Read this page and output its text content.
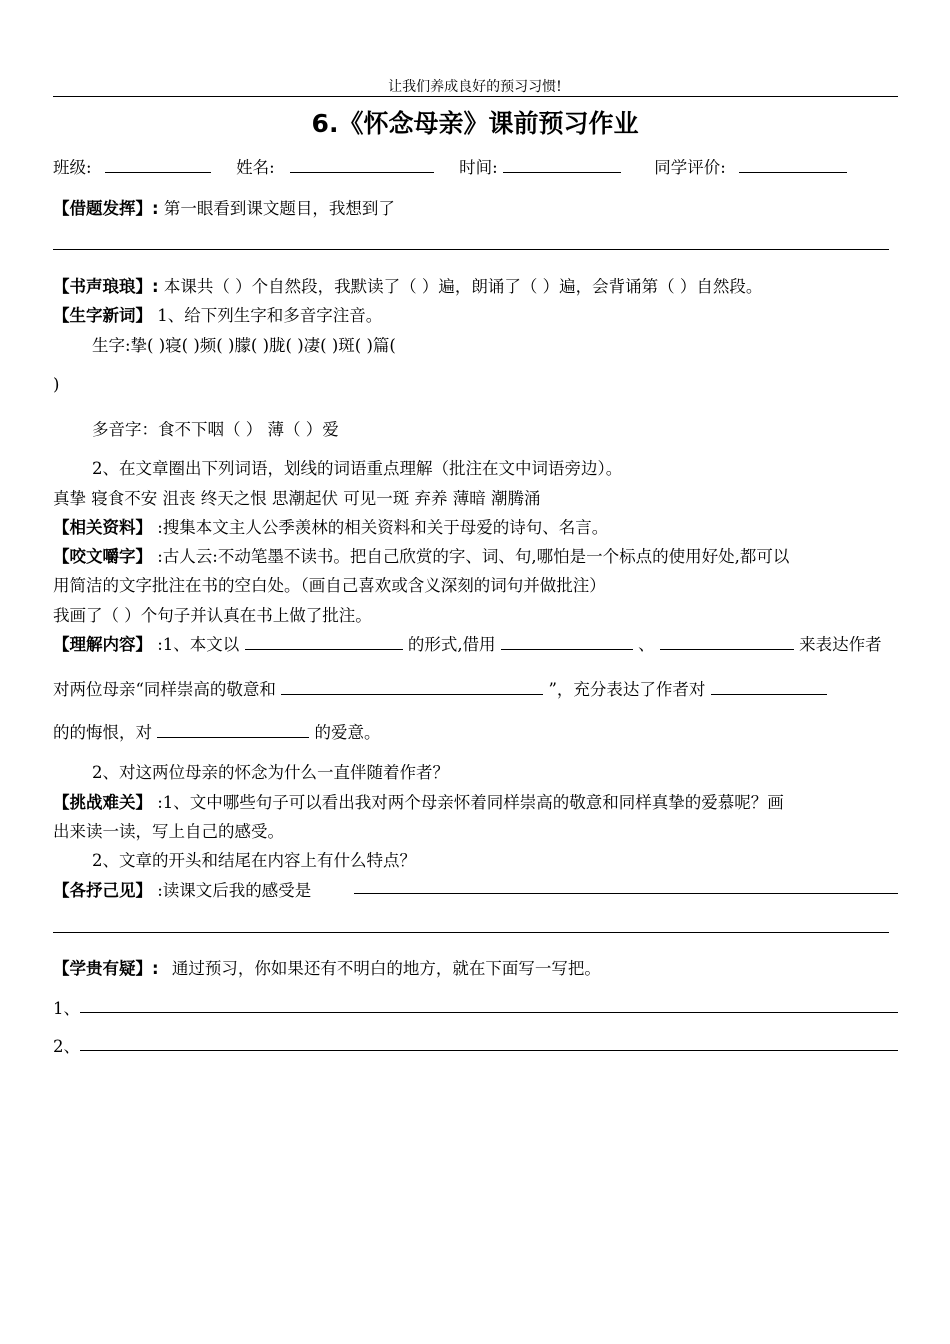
让我们养成良好的预习习惯!
6.《怀念母亲》课前预习作业
班级:	姓名:	时间:	同学评价:
【借题发挥】: 第一眼看到课文题目，我想到了
【书声琅琅】: 本课共（ ）个自然段，我默读了（ ）遍，朗诵了（ ）遍，会背诵第（ ）自然段。
【生字新词】 1、给下列生字和多音字注音。
生字:挚( )寝( )频( )朦( )胧( )凄( )斑( )篇(
)
多音字：食不下咽（ ） 薄（ ）爱
2、在文章圈出下列词语，划线的词语重点理解（批注在文中词语旁边）。
真挚 寝食不安 沮丧 终天之恨 思潮起伏 可见一斑 弃养 薄暗 潮腾涌
【相关资料】 :搜集本文主人公季羡林的相关资料和关于母爱的诗句、名言。
【咬文嚼字】 :古人云:不动笔墨不读书。把自己欣赏的字、词、句,哪怕是一个标点的使用好处,都可以
用简洁的文字批注在书的空白处。（画自己喜欢或含义深刻的词句并做批注）
我画了（ ）个句子并认真在书上做了批注。
【理解内容】 :1、本文以	的形式,借用	、	来表达作者
对两位母亲“同样崇高的敬意和	”，充分表达了作者对
的的悔恨，对	的爱意。
2、对这两位母亲的怀念为什么一直伴随着作者？
【挑战难关】 :1、文中哪些句子可以看出我对两个母亲怀着同样崇高的敬意和同样真挚的爱慕呢？画
出来读一读，写上自己的感受。
2、文章的开头和结尾在内容上有什么特点？
【各抒己见】 :读课文后我的感受是
【学贵有疑】: 通过预习，你如果还有不明白的地方，就在下面写一写把。
1、
2、
